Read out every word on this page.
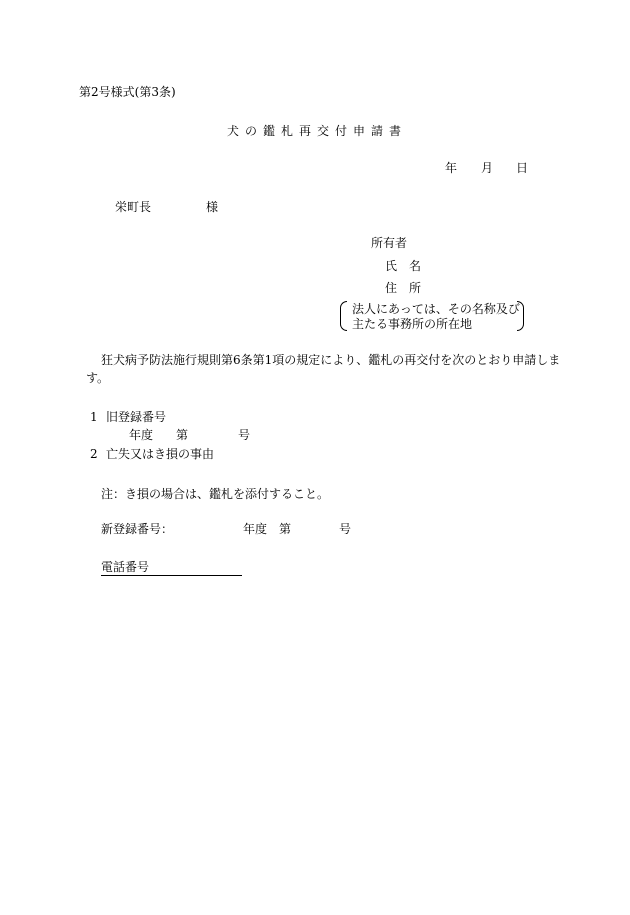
第2号様式(第3条)
犬の鑑札再交付申請書
年 月 日
栄町長	様
所有者
氏　名
住　所
法人にあっては、その名称及び
主たる事務所の所在地
狂犬病予防法施行規則第6条第1項の規定により、鑑札の再交付を次のとおり申請しま
す。
1 旧登録番号
年度 第	号
2 亡失又はき損の事由
注：き損の場合は、鑑札を添付すること。
新登録番号：	年度 第	号
電話番号
